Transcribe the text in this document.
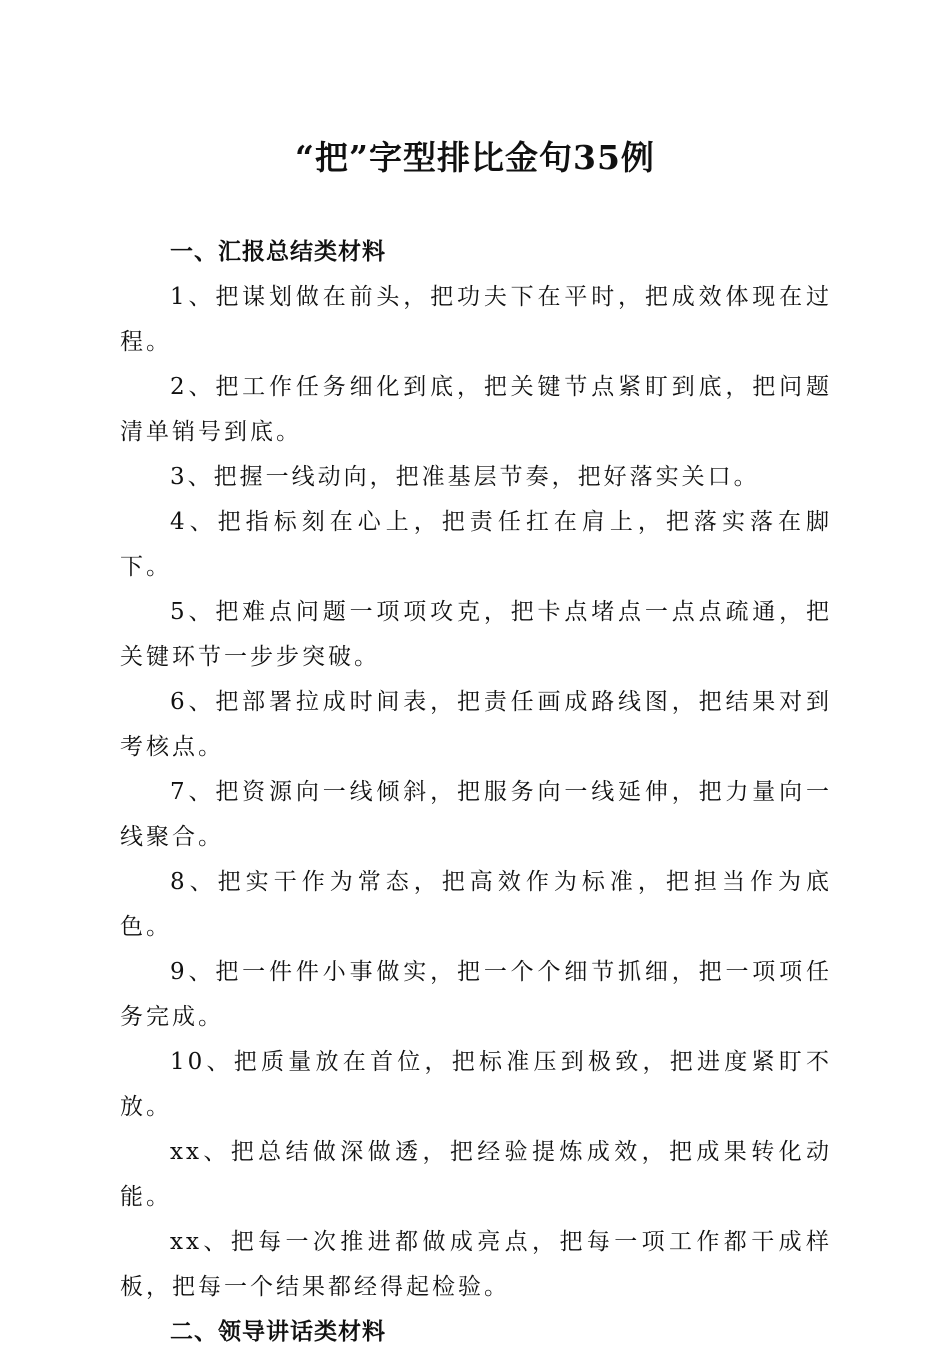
“把”字型排比金句35例

一、汇报总结类材料

1、把谋划做在前头，把功夫下在平时，把成效体现在过程。

2、把工作任务细化到底，把关键节点紧盯到底，把问题清单销号到底。

3、把握一线动向，把准基层节奏，把好落实关口。

4、把指标刻在心上，把责任扛在肩上，把落实落在脚下。

5、把难点问题一项项攻克，把卡点堵点一点点疏通，把关键环节一步步突破。

6、把部署拉成时间表，把责任画成路线图，把结果对到考核点。

7、把资源向一线倾斜，把服务向一线延伸，把力量向一线聚合。

8、把实干作为常态，把高效作为标准，把担当作为底色。

9、把一件件小事做实，把一个个细节抓细，把一项项任务完成。

10、把质量放在首位，把标准压到极致，把进度紧盯不放。

xx、把总结做深做透，把经验提炼成效，把成果转化动能。

xx、把每一次推进都做成亮点，把每一项工作都干成样板，把每一个结果都经得起检验。

二、领导讲话类材料
